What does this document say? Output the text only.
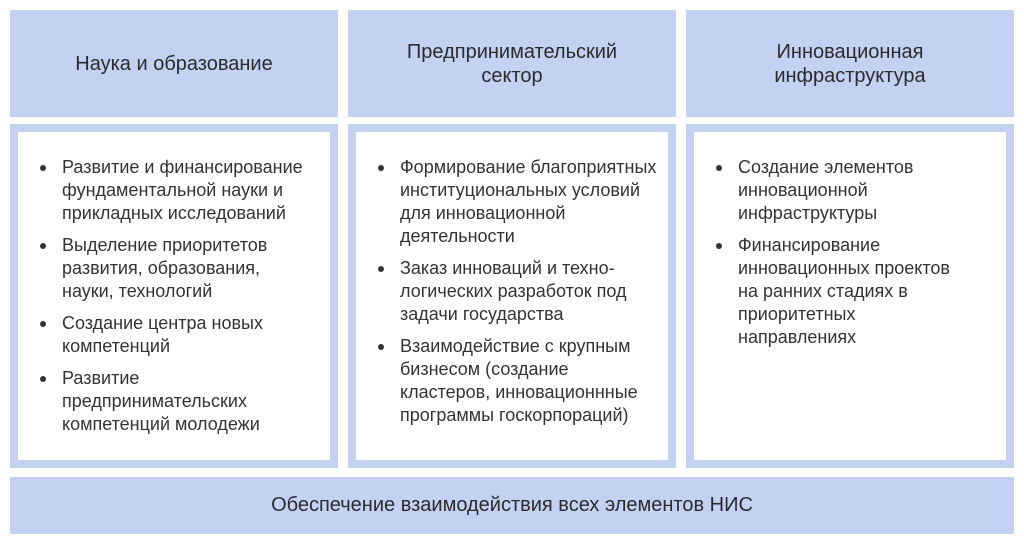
Наука и образование
Предпринимательский сектор
Инновационная инфраструктура
Развитие и финансирование фундаментальной науки и прикладных исследований
Выделение приоритетов развития, образования, науки, технологий
Создание центра новых компетенций
Развитие предпринимательских компетенций молодежи
Формирование благоприятных институциональных условий для инновационной деятельности
Заказ инноваций и техно-логических разработок под задачи государства
Взаимодействие с крупным бизнесом (создание кластеров, инновационнные программы госкорпораций)
Создание элементов инновационной инфраструктуры
Финансирование инновационных проектов на ранних стадиях в приоритетных направлениях
Обеспечение взаимодействия всех элементов НИС
